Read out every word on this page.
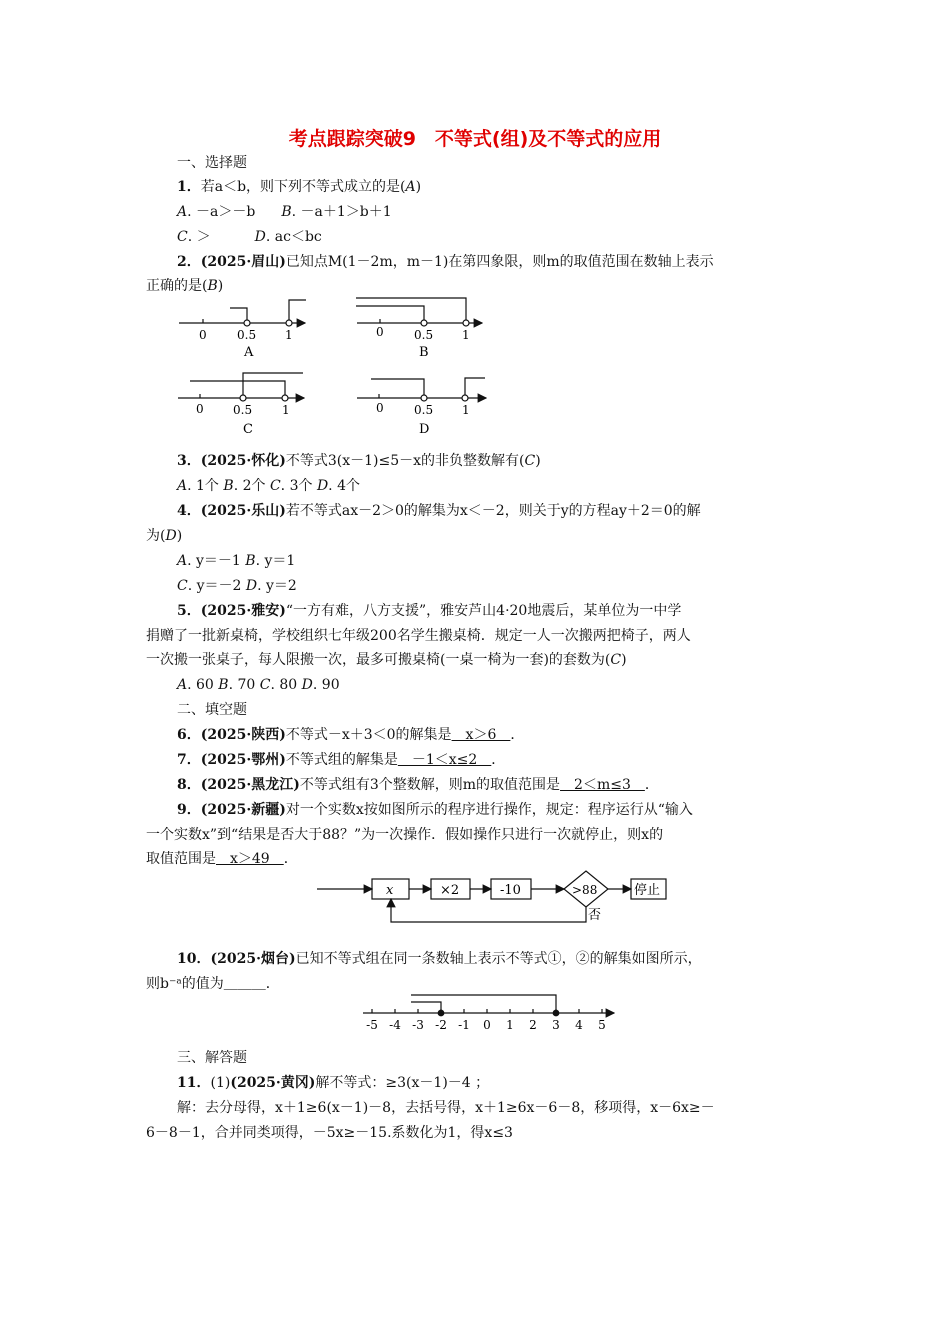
考点跟踪突破9　不等式(组)及不等式的应用
一、选择题
1．若a＜b，则下列不等式成立的是(A)
A. －a＞－b B. －a＋1＞b＋1
C. ＞	D. ac＜bc
2．(2025·眉山)已知点M(1－2m，m－1)在第四象限，则m的取值范围在数轴上表示
正确的是(B)
0	0.5 1
A
0	0.5 1
B
0 0.5 1
C
0	0.5 1
D
x	×2	-10	>88	停止
否
-5 -4 -3 -2 -1 0 1 2 3 4 5
3．(2025·怀化)不等式3(x－1)≤5－x的非负整数解有(C)
A. 1个 B. 2个 C. 3个 D. 4个
4．(2025·乐山)若不等式ax－2＞0的解集为x＜－2，则关于y的方程ay＋2＝0的解
为(D)
A. y＝－1 B. y＝1
C. y＝－2 D. y＝2
5．(2025·雅安)“一方有难，八方支援”，雅安芦山4·20地震后，某单位为一中学
捐赠了一批新桌椅，学校组织七年级200名学生搬桌椅．规定一人一次搬两把椅子，两人
一次搬一张桌子，每人限搬一次，最多可搬桌椅(一桌一椅为一套)的套数为(C)
A. 60 B. 70 C. 80 D. 90
二、填空题
6．(2025·陕西)不等式－x＋3＜0的解集是　x＞6　．
7．(2025·鄂州)不等式组的解集是　－1＜x≤2　．
8．(2025·黑龙江)不等式组有3个整数解，则m的取值范围是　2＜m≤3　．
9．(2025·新疆)对一个实数x按如图所示的程序进行操作，规定：程序运行从“输入
一个实数x”到“结果是否大于88？”为一次操作．假如操作只进行一次就停止，则x的
取值范围是　x＞49　．
10．(2025·烟台)已知不等式组在同一条数轴上表示不等式①，②的解集如图所示，
则b⁻ᵃ的值为＿＿＿．
三、解答题
11．(1)(2025·黄冈)解不等式：≥3(x－1)－4 ；
解：去分母得，x＋1≥6(x－1)－8，去括号得，x＋1≥6x－6－8，移项得，x－6x≥－
6－8－1，合并同类项得，－5x≥－15.系数化为1，得x≤3
